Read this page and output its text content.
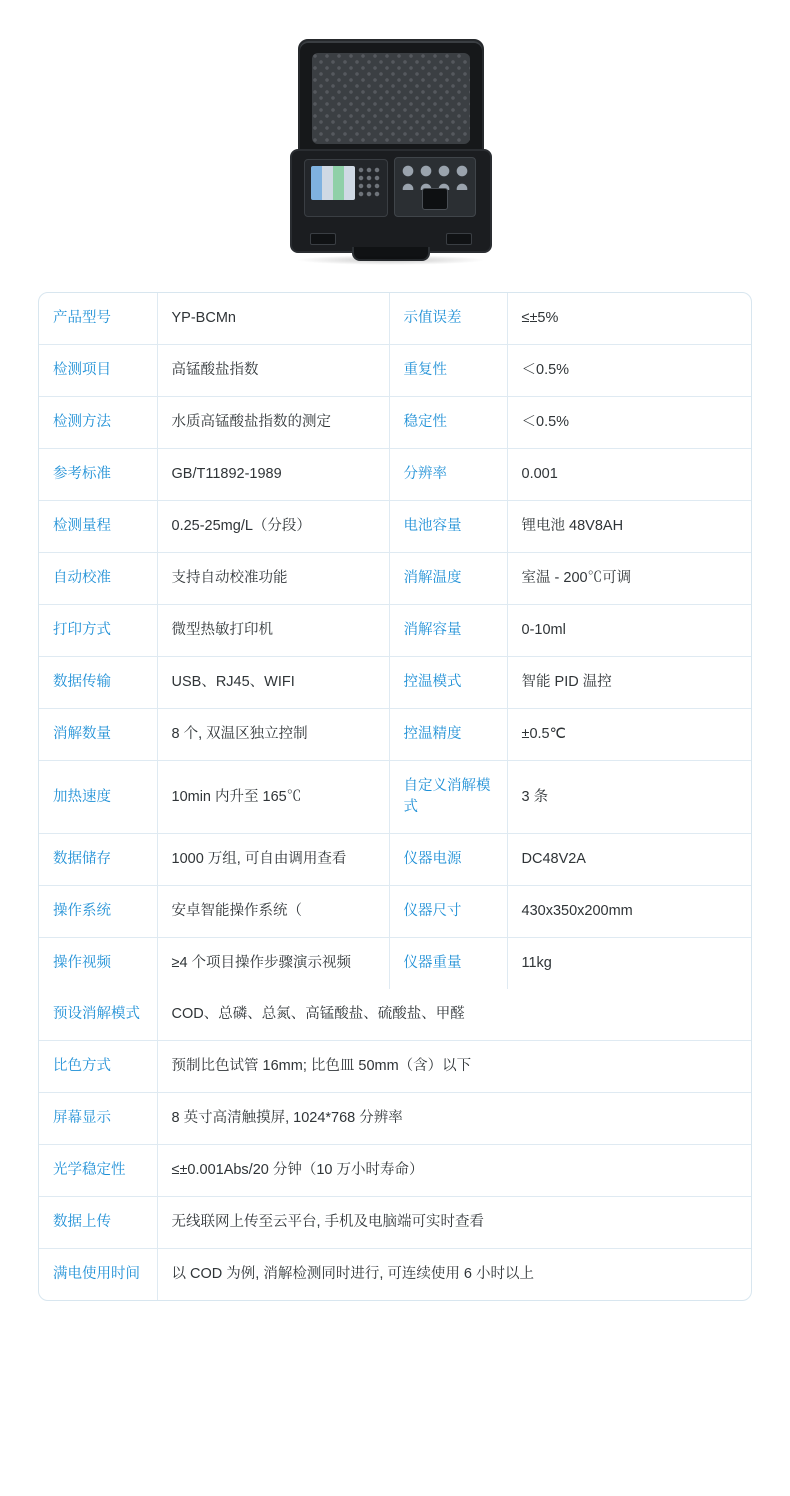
产品型号	YP-BCMn	示值误差	≤±5%
检测项目	高锰酸盐指数	重复性	＜0.5%
检测方法	水质高锰酸盐指数的测定	稳定性	＜0.5%
参考标准	GB/T11892-1989	分辨率	0.001
检测量程	0.25-25mg/L（分段）	电池容量	锂电池 48V8AH
自动校准	支持自动校准功能	消解温度	室温 - 200℃可调
打印方式	微型热敏打印机	消解容量	0-10ml
数据传输	USB、RJ45、WIFI	控温模式	智能 PID 温控
消解数量	8 个, 双温区独立控制	控温精度	±0.5℃
加热速度	10min 内升至 165℃	自定义消解模式	3 条
数据储存	1000 万组, 可自由调用查看	仪器电源	DC48V2A
操作系统	安卓智能操作系统（	仪器尺寸	430x350x200mm
操作视频	≥4 个项目操作步骤演示视频	仪器重量	11kg
预设消解模式	COD、总磷、总氮、高锰酸盐、硫酸盐、甲醛		
比色方式	预制比色试管 16mm; 比色皿 50mm（含）以下		
屏幕显示	8 英寸高清触摸屏, 1024*768 分辨率		
光学稳定性	≤±0.001Abs/20 分钟（10 万小时寿命）		
数据上传	无线联网上传至云平台, 手机及电脑端可实时查看		
满电使用时间	以 COD 为例, 消解检测同时进行, 可连续使用 6 小时以上		
